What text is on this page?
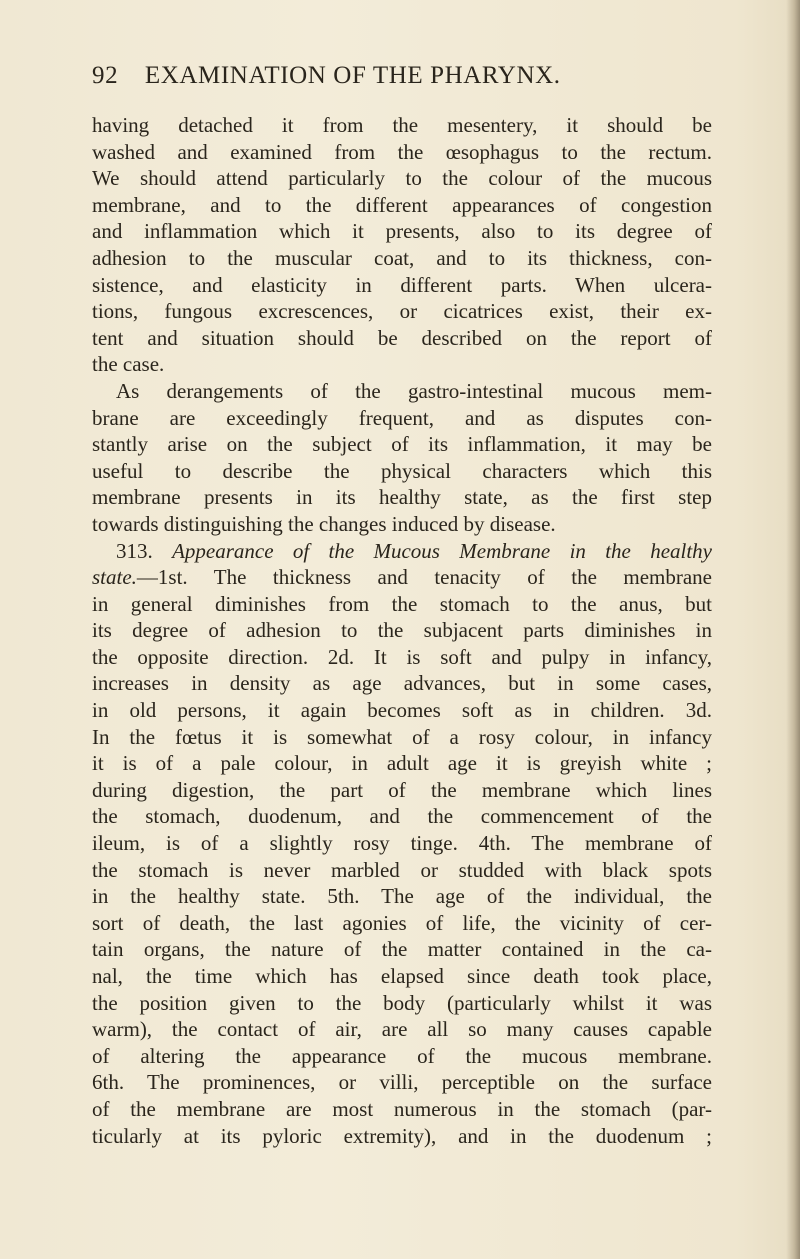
92 EXAMINATION OF THE PHARYNX.
having detached it from the mesentery, it should be
washed and examined from the œsophagus to the rectum.
We should attend particularly to the colour of the mucous
membrane, and to the different appearances of congestion
and inflammation which it presents, also to its degree of
adhesion to the muscular coat, and to its thickness, con-
sistence, and elasticity in different parts. When ulcera-
tions, fungous excrescences, or cicatrices exist, their ex-
tent and situation should be described on the report of
the case.
As derangements of the gastro-intestinal mucous mem-
brane are exceedingly frequent, and as disputes con-
stantly arise on the subject of its inflammation, it may be
useful to describe the physical characters which this
membrane presents in its healthy state, as the first step
towards distinguishing the changes induced by disease.
313. Appearance of the Mucous Membrane in the healthy
state.—1st. The thickness and tenacity of the membrane
in general diminishes from the stomach to the anus, but
its degree of adhesion to the subjacent parts diminishes in
the opposite direction. 2d. It is soft and pulpy in infancy,
increases in density as age advances, but in some cases,
in old persons, it again becomes soft as in children. 3d.
In the fœtus it is somewhat of a rosy colour, in infancy
it is of a pale colour, in adult age it is greyish white ;
during digestion, the part of the membrane which lines
the stomach, duodenum, and the commencement of the
ileum, is of a slightly rosy tinge. 4th. The membrane of
the stomach is never marbled or studded with black spots
in the healthy state. 5th. The age of the individual, the
sort of death, the last agonies of life, the vicinity of cer-
tain organs, the nature of the matter contained in the ca-
nal, the time which has elapsed since death took place,
the position given to the body (particularly whilst it was
warm), the contact of air, are all so many causes capable
of altering the appearance of the mucous membrane.
6th. The prominences, or villi, perceptible on the surface
of the membrane are most numerous in the stomach (par-
ticularly at its pyloric extremity), and in the duodenum ;
